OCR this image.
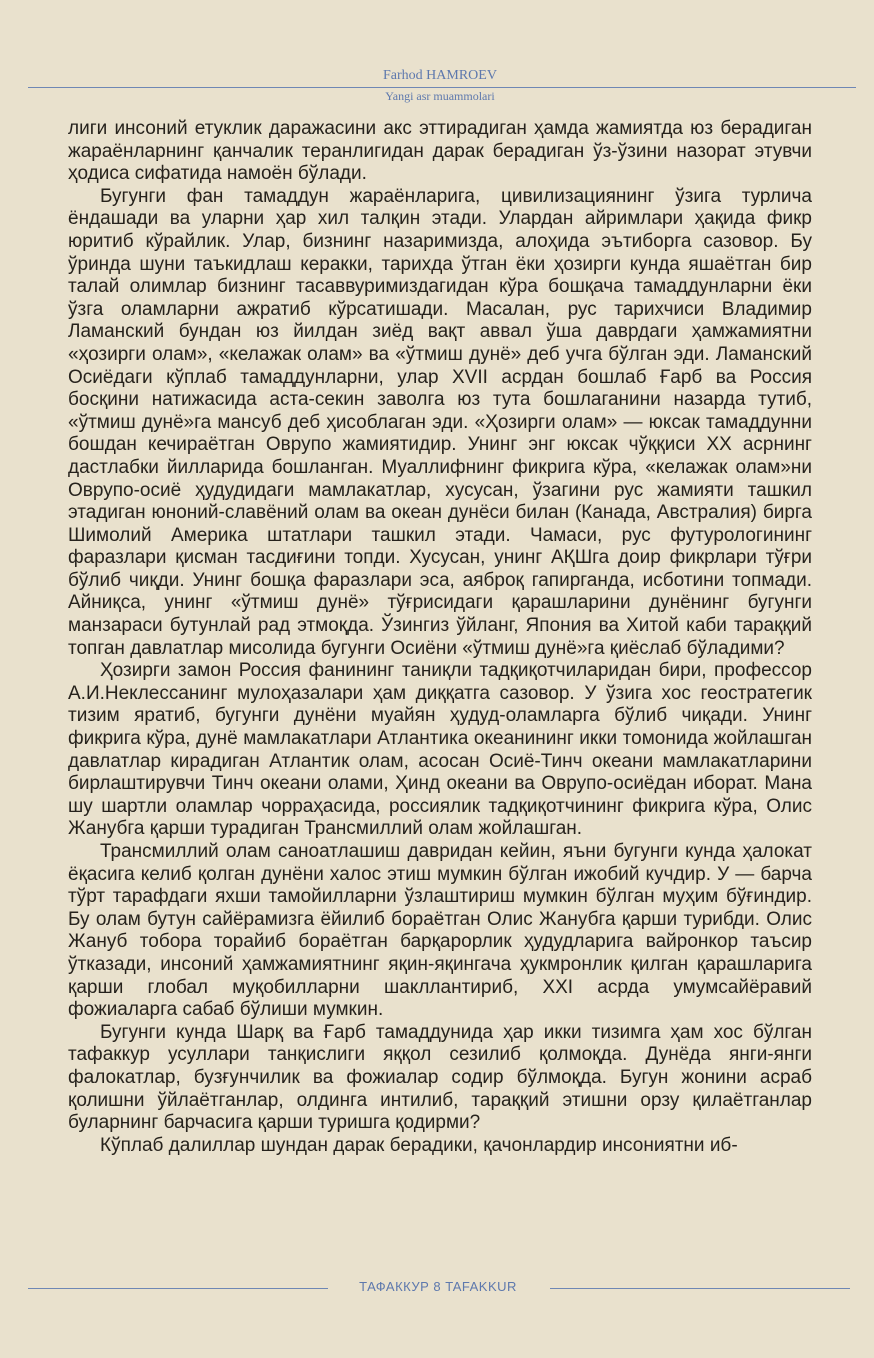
Farhod HAMROEV
Yangi asr muammolari

лиги инсоний етуклик даражасини акс эттирадиган ҳамда жамиятда юз берадиган жараёнларнинг қанчалик теранлигидан дарак берадиган ўз-ўзини назорат этувчи ҳодиса сифатида намоён бўлади.

Бугунги фан тамаддун жараёнларига, цивилизациянинг ўзига турлича ёндашади ва уларни ҳар хил талқин этади. Улардан айримлари ҳақида фикр юритиб кўрайлик. Улар, бизнинг назаримизда, алоҳида эътиборга сазовор. Бу ўринда шуни таъкидлаш керакки, тарихда ўтган ёки ҳозирги кунда яшаётган бир талай олимлар бизнинг тасаввуримиздагидан кўра бошқача тамаддунларни ёки ўзга оламларни ажратиб кўрсатишади. Масалан, рус тарихчиси Владимир Ламанский бундан юз йилдан зиёд вақт аввал ўша даврдаги ҳамжамиятни «ҳозирги олам», «келажак олам» ва «ўтмиш дунё» деб учга бўлган эди. Ламанский Осиёдаги кўплаб тамаддунларни, улар XVII асрдан бошлаб Ғарб ва Россия босқини натижасида аста-секин заволга юз тута бошлаганини назарда тутиб, «ўтмиш дунё»га мансуб деб ҳисоблаган эди. «Ҳозирги олам» — юксак тамаддунни бошдан кечираётган Оврупо жамиятидир. Унинг энг юксак чўққиси XX асрнинг дастлабки йилларида бошланган. Муаллифнинг фикрига кўра, «келажак олам»ни Оврупо-осиё ҳудудидаги мамлакатлар, хусусан, ўзагини рус жамияти ташкил этадиган юноний-славёний олам ва океан дунёси билан (Канада, Австралия) бирга Шимолий Америка штатлари ташкил этади. Чамаси, рус футурологининг фаразлари қисман тасдиғини топди. Хусусан, унинг АҚШга доир фикрлари тўғри бўлиб чиқди. Унинг бошқа фаразлари эса, аяброқ гапирганда, исботини топмади. Айниқса, унинг «ўтмиш дунё» тўғрисидаги қарашларини дунёнинг бугунги манзараси бутунлай рад этмоқда. Ўзингиз ўйланг, Япония ва Хитой каби тараққий топган давлатлар мисолида бугунги Осиёни «ўтмиш дунё»га қиёслаб бўладими?

Ҳозирги замон Россия фанининг таниқли тадқиқотчиларидан бири, профессор А.И.Неклессанинг мулоҳазалари ҳам диққатга сазовор. У ўзига хос геостратегик тизим яратиб, бугунги дунёни муайян ҳудуд-оламларга бўлиб чиқади. Унинг фикрига кўра, дунё мамлакатлари Атлантика океанининг икки томонида жойлашган давлатлар кирадиган Атлантик олам, асосан Осиё-Тинч океани мамлакатларини бирлаштирувчи Тинч океани олами, Ҳинд океани ва Оврупо-осиёдан иборат. Мана шу шартли оламлар чорраҳасида, россиялик тадқиқотчининг фикрига кўра, Олис Жанубга қарши турадиган Трансмиллий олам жойлашган.

Трансмиллий олам саноатлашиш давридан кейин, яъни бугунги кунда ҳалокат ёқасига келиб қолган дунёни халос этиш мумкин бўлган ижобий кучдир. У — барча тўрт тарафдаги яхши тамойилларни ўзлаштириш мумкин бўлган муҳим бўғиндир. Бу олам бутун сайёрамизга ёйилиб бораётган Олис Жанубга қарши турибди. Олис Жануб тобора торайиб бораётган барқарорлик ҳудудларига вайронкор таъсир ўтказади, инсоний ҳамжамиятнинг яқин-яқингача ҳукмронлик қилган қарашларига қарши глобал муқобилларни шакллантириб, XXI асрда умумсайёравий фожиаларга сабаб бўлиши мумкин.

Бугунги кунда Шарқ ва Ғарб тамаддунида ҳар икки тизимга ҳам хос бўлган тафаккур усуллари танқислиги яққол сезилиб қолмоқда. Дунёда янги-янги фалокатлар, бузғунчилик ва фожиалар содир бўлмоқда. Бугун жонини асраб қолишни ўйлаётганлар, олдинга интилиб, тараққий этишни орзу қилаётганлар буларнинг барчасига қарши туришга қодирми?

Кўплаб далиллар шундан дарак берадики, қачонлардир инсониятни иб-

ТАФАККУР 8 TAFAKKUR
